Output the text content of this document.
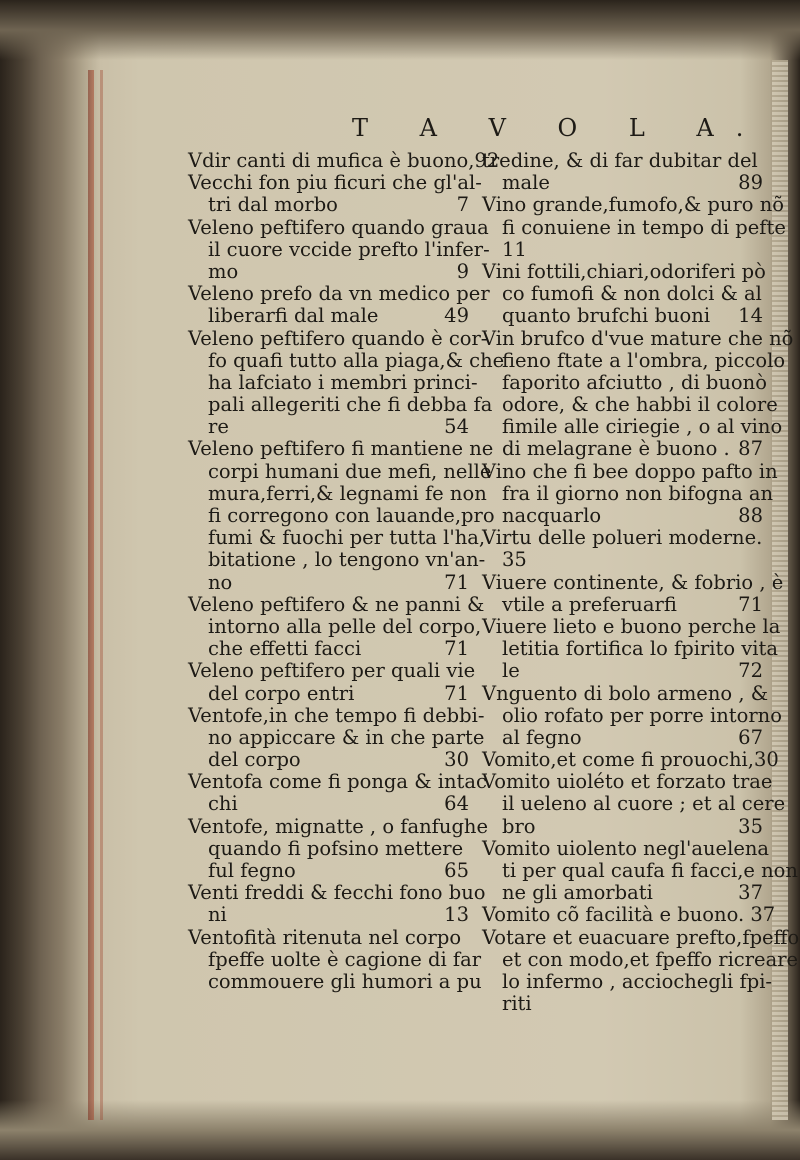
T A V O L A.
Vdir canti di mufica è buono,92
Vecchi fon piu ficuri che gl'al-
7
tri dal morbo
Veleno peftifero quando graua
il cuore vccide prefto l'infer-
9
mo
Veleno prefo da vn medico per
49
liberarfi dal male
Veleno peftifero quando è cor-
fo quafi tutto alla piaga,& che
ha lafciato i membri princi-
pali allegeriti che fi debba fa
54
re
Veleno peftifero fi mantiene ne
corpi humani due mefi, nelle
mura,ferri,& legnami fe non
fi corregono con lauande,pro
fumi & fuochi per tutta l'ha,
bitatione , lo tengono vn'an-
71
no
Veleno peftifero & ne panni &
intorno alla pelle del corpo,
71
che effetti facci
Veleno peftifero per quali vie
71
del corpo entri
Ventofe,in che tempo fi debbi-
no appiccare & in che parte
30
del corpo
Ventofa come fi ponga & intac
64
chi
Ventofe, mignatte , o fanfughe
quando fi pofsino mettere
65
ful fegno
Venti freddi & fecchi fono buo
13
ni
Ventofità ritenuta nel corpo
fpeffe uolte è cagione di far
commouere gli humori a pu
tredine, & di far dubitar del
89
male
Vino grande,fumofo,& puro nõ
fi conuiene in tempo di pefte
11
Vini fottili,chiari,odoriferi pò
co fumofi & non dolci & al
14
quanto brufchi buoni
Vin brufco d'vue mature che nõ
fieno ftate a l'ombra, piccolo
faporito afciutto , di buonò
odore, & che habbi il colore
fimile alle ciriegie , o al vino
87
di melagrane è buono .
Vino che fi bee doppo pafto in
fra il giorno non bifogna an
88
nacquarlo
Virtu delle polueri moderne.
35
Viuere continente, & fobrio , è
71
vtile a preferuarfi
Viuere lieto e buono perche la
letitia fortifica lo fpirito vita
72
le
Vnguento di bolo armeno , &
olio rofato per porre intorno
67
al fegno
Vomito,et come fi prouochi,30
Vomito uioléto et forzato trae
il ueleno al cuore ; et al cere
35
bro
Vomito uiolento negl'auelena
ti per qual caufa fi facci,e non
37
ne gli amorbati
Vomito cõ facilità e buono. 37
Votare et euacuare prefto,fpeffo
et con modo,et fpeffo ricreare
lo infermo , acciochegli fpi-
riti
